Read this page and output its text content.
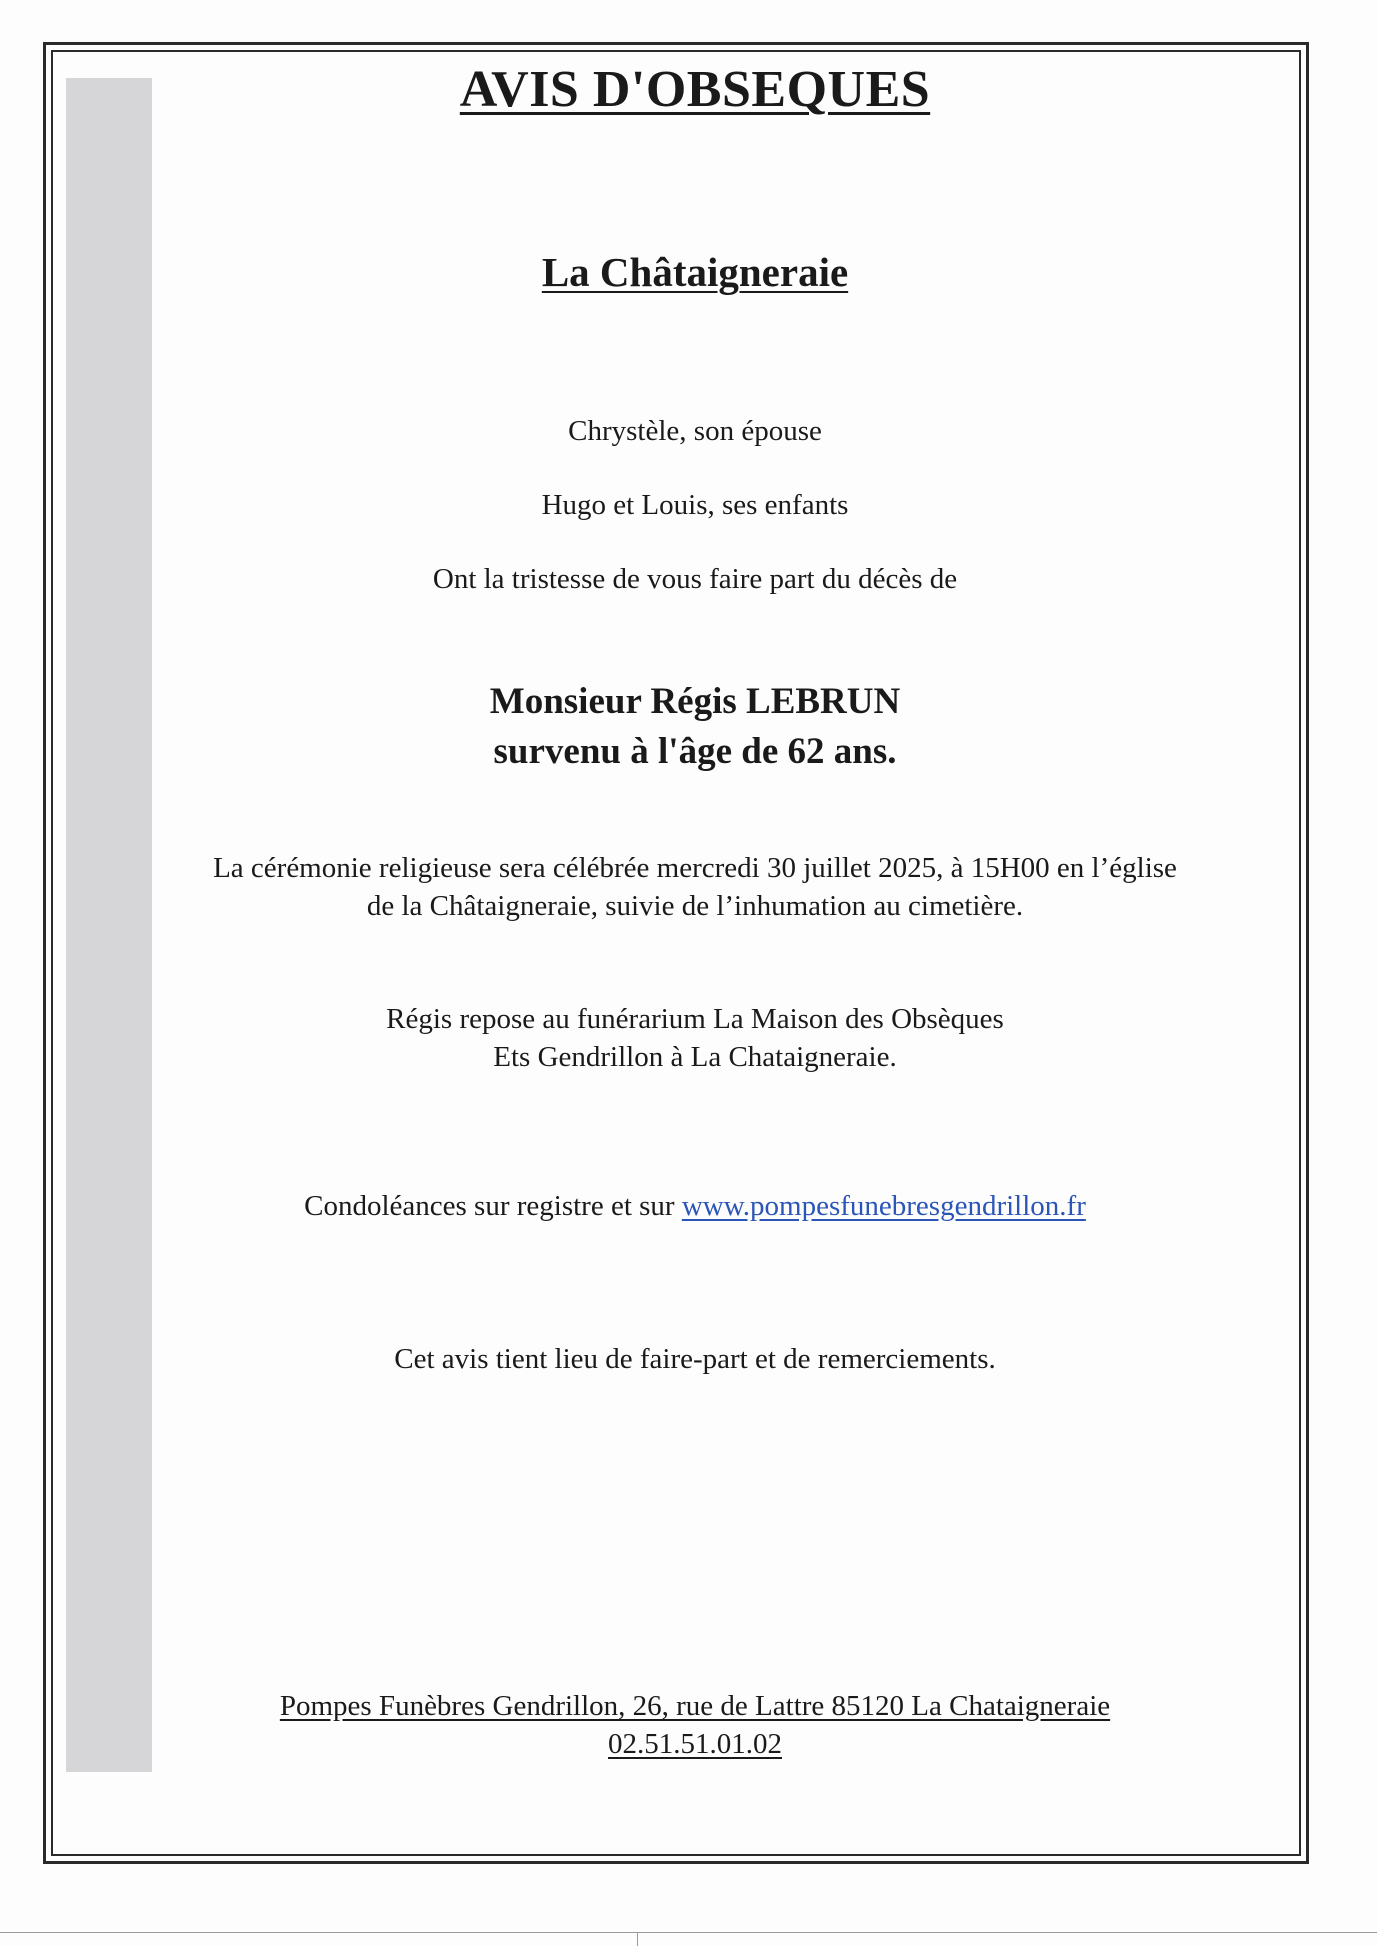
AVIS D'OBSEQUES
La Châtaigneraie
Chrystèle, son épouse
Hugo et Louis, ses enfants
Ont la tristesse de vous faire part du décès de
Monsieur Régis LEBRUN
survenu à l'âge de 62 ans.
La cérémonie religieuse sera célébrée mercredi 30 juillet 2025, à 15H00 en l’église
de la Châtaigneraie, suivie de l’inhumation au cimetière.
Régis repose au funérarium La Maison des Obsèques
Ets Gendrillon à La Chataigneraie.
Condoléances sur registre et sur www.pompesfunebresgendrillon.fr
Cet avis tient lieu de faire-part et de remerciements.
Pompes Funèbres Gendrillon, 26, rue de Lattre 85120 La Chataigneraie
02.51.51.01.02
